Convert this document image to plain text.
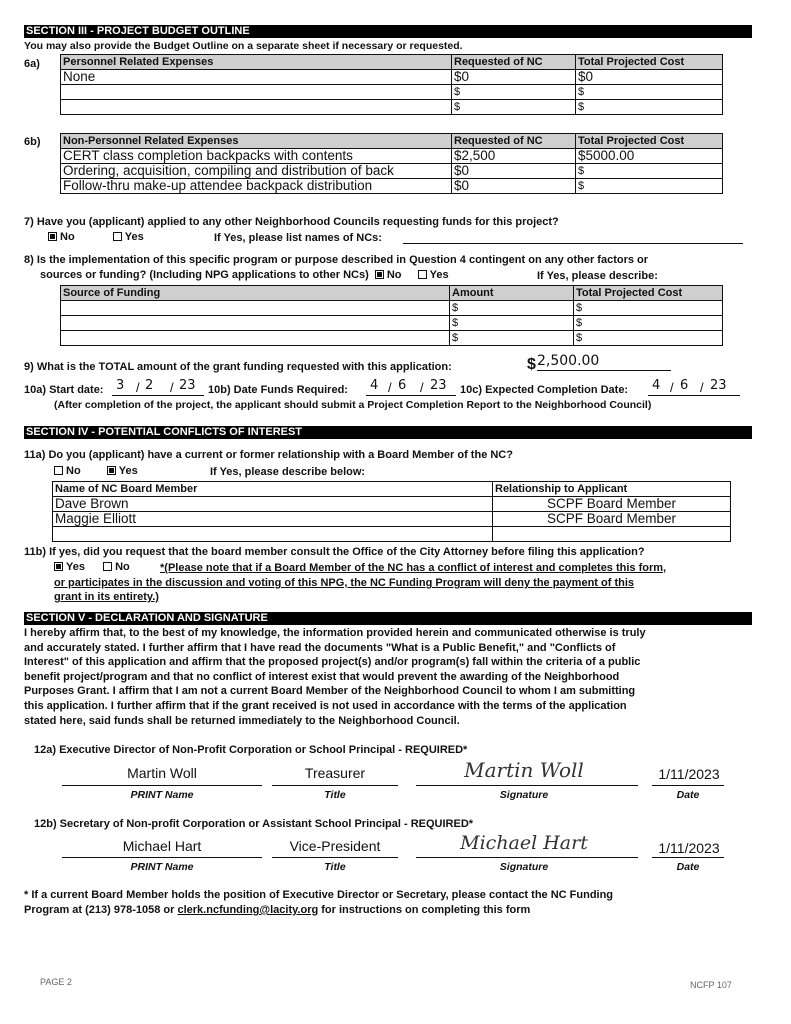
SECTION III - PROJECT BUDGET OUTLINE
You may also provide the Budget Outline on a separate sheet if necessary or requested.
6a) Personnel Related Expenses	Requested of NC	Total Projected Cost
None	$0	$0
	$	$
	$	$
6b) Non-Personnel Related Expenses	Requested of NC	Total Projected Cost
CERT class completion backpacks with contents	$2,500	$5000.00
Ordering, acquisition, compiling and distribution of back	$0	$
Follow-thru make-up attendee backpack distribution	$0	$
7) Have you (applicant) applied to any other Neighborhood Councils requesting funds for this project?
No	Yes	If Yes, please list names of NCs:
8) Is the implementation of this specific program or purpose described in Question 4 contingent on any other factors or
sources or funding? (Including NPG applications to other NCs) No	Yes	If Yes, please describe:
Source of Funding	Amount	Total Projected Cost
	$	$
	$	$
	$	$
9) What is the TOTAL amount of the grant funding requested with this application:	$ 2,500.00
10a) Start date: 3 / 2 / 23 10b) Date Funds Required: 4 / 6 / 23 10c) Expected Completion Date: 4 / 6 / 23
(After completion of the project, the applicant should submit a Project Completion Report to the Neighborhood Council)
SECTION IV - POTENTIAL CONFLICTS OF INTEREST
11a) Do you (applicant) have a current or former relationship with a Board Member of the NC?
No	Yes	If Yes, please describe below:
Name of NC Board Member	Relationship to Applicant
Dave Brown	SCPF Board Member
Maggie Elliott	SCPF Board Member

11b) If yes, did you request that the board member consult the Office of the City Attorney before filing this application?
Yes	No	*(Please note that if a Board Member of the NC has a conflict of interest and completes this form,
or participates in the discussion and voting of this NPG, the NC Funding Program will deny the payment of this
grant in its entirety.)
SECTION V - DECLARATION AND SIGNATURE
I hereby affirm that, to the best of my knowledge, the information provided herein and communicated otherwise is truly
and accurately stated. I further affirm that I have read the documents "What is a Public Benefit," and "Conflicts of
Interest" of this application and affirm that the proposed project(s) and/or program(s) fall within the criteria of a public
benefit project/program and that no conflict of interest exist that would prevent the awarding of the Neighborhood
Purposes Grant. I affirm that I am not a current Board Member of the Neighborhood Council to whom I am submitting
this application. I further affirm that if the grant received is not used in accordance with the terms of the application
stated here, said funds shall be returned immediately to the Neighborhood Council.
12a) Executive Director of Non-Profit Corporation or School Principal - REQUIRED*
Martin Woll	Treasurer	Martin Woll	1/11/2023
PRINT Name	Title	Signature	Date
12b) Secretary of Non-profit Corporation or Assistant School Principal - REQUIRED*
Michael Hart	Vice-President	Michael Hart	1/11/2023
PRINT Name	Title	Signature	Date
* If a current Board Member holds the position of Executive Director or Secretary, please contact the NC Funding
Program at (213) 978-1058 or clerk.ncfunding@lacity.org for instructions on completing this form
PAGE 2	NCFP 107
